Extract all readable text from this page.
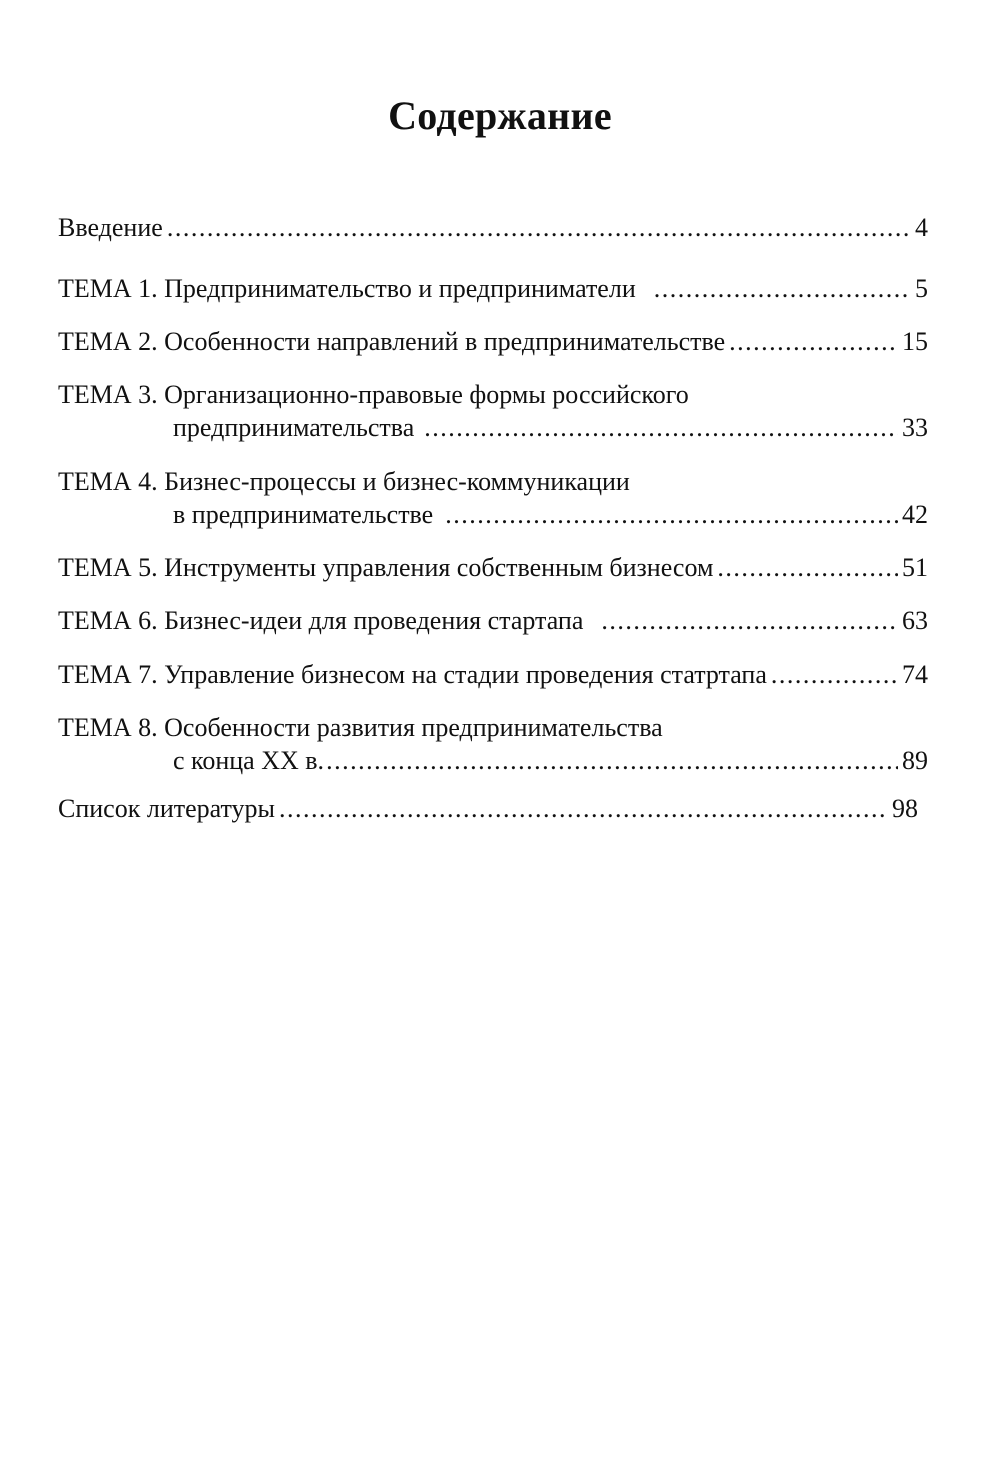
Содержание
Введение .....	4
ТЕМА 1. Предпринимательство и предприниматели .....	5
ТЕМА 2. Особенности направлений в предпринимательстве .....	15
ТЕМА 3. Организационно-правовые формы российского
предпринимательства .....	33
ТЕМА 4. Бизнес-процессы и бизнес-коммуникации
в предпринимательстве .....	42
ТЕМА 5. Инструменты управления собственным бизнесом .....	51
ТЕМА 6. Бизнес-идеи для проведения стартапа .....	63
ТЕМА 7. Управление бизнесом на стадии проведения статртапа .....	74
ТЕМА 8. Особенности развития предпринимательства
с конца XX в. .....	89
Список литературы .....	98
